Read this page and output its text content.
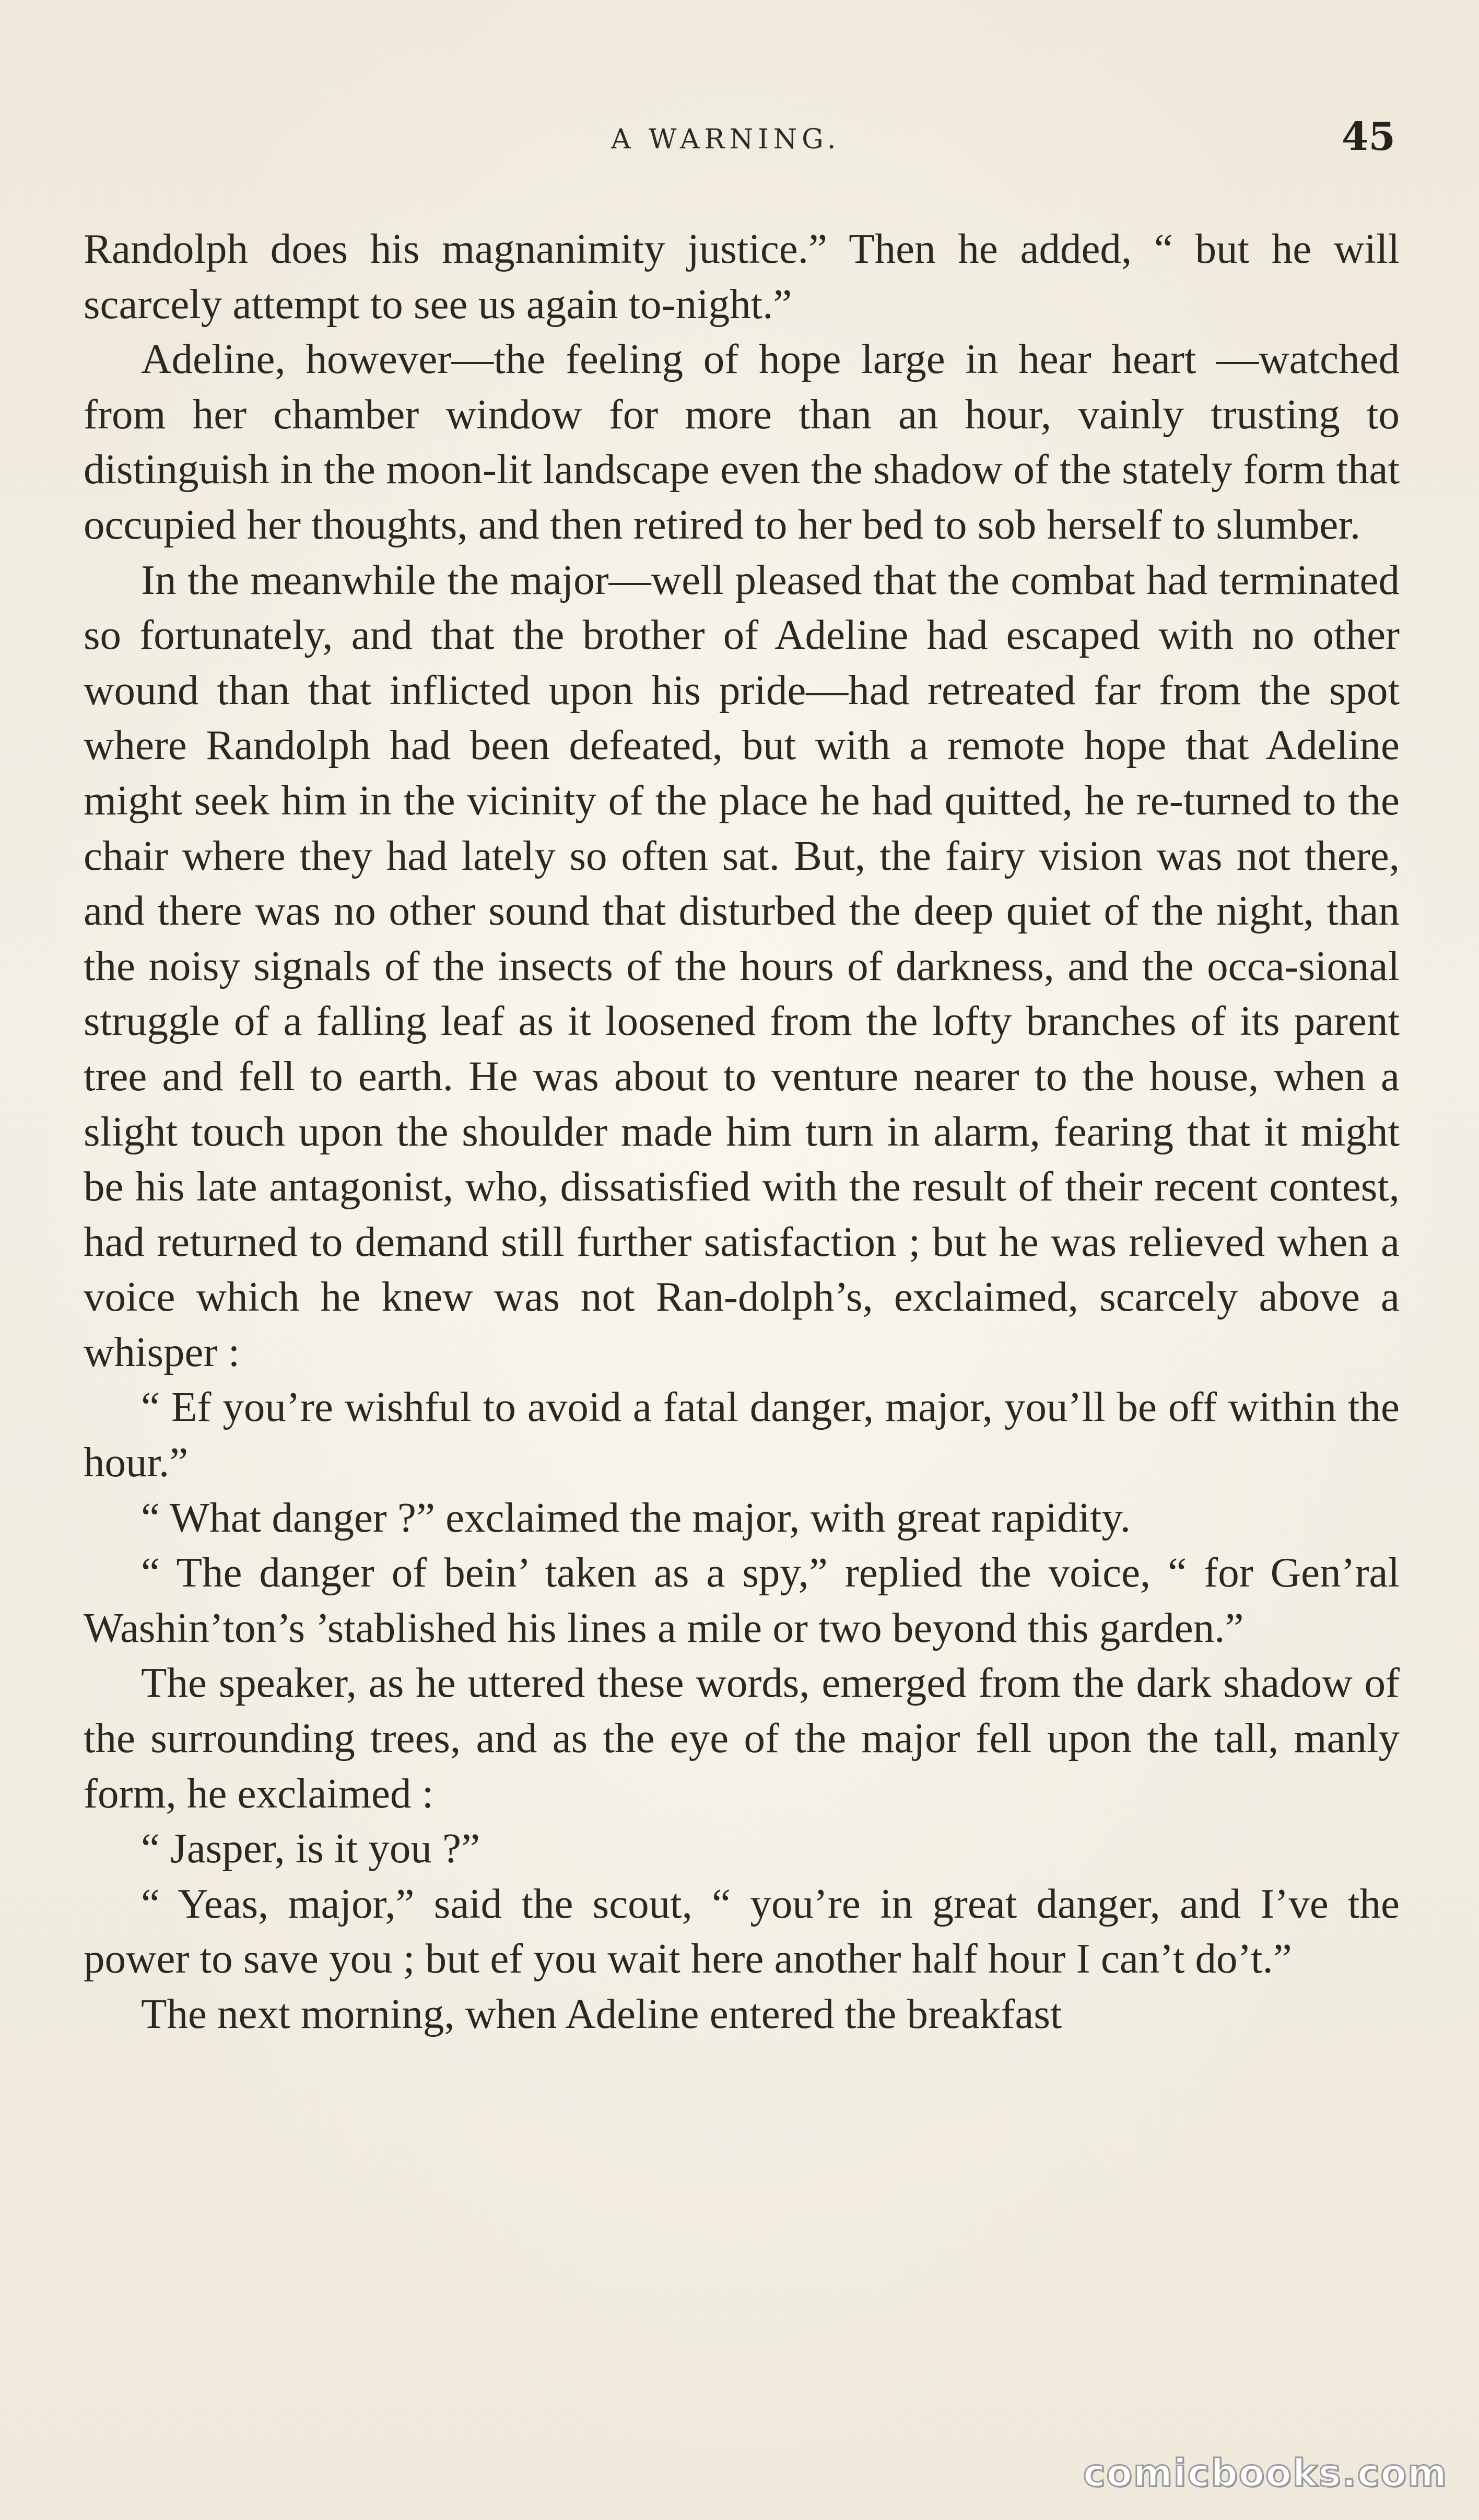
A WARNING.	45

Randolph does his magnanimity justice.” Then he added, “ but he will scarcely attempt to see us again to-night.”

Adeline, however—the feeling of hope large in hear heart —watched from her chamber window for more than an hour, vainly trusting to distinguish in the moon-lit landscape even the shadow of the stately form that occupied her thoughts, and then retired to her bed to sob herself to slumber.

In the meanwhile the major—well pleased that the combat had terminated so fortunately, and that the brother of Adeline had escaped with no other wound than that inflicted upon his pride—had retreated far from the spot where Randolph had been defeated, but with a remote hope that Adeline might seek him in the vicinity of the place he had quitted, he re-turned to the chair where they had lately so often sat. But, the fairy vision was not there, and there was no other sound that disturbed the deep quiet of the night, than the noisy signals of the insects of the hours of darkness, and the occa-sional struggle of a falling leaf as it loosened from the lofty branches of its parent tree and fell to earth. He was about to venture nearer to the house, when a slight touch upon the shoulder made him turn in alarm, fearing that it might be his late antagonist, who, dissatisfied with the result of their recent contest, had returned to demand still further satisfaction ; but he was relieved when a voice which he knew was not Ran-dolph’s, exclaimed, scarcely above a whisper :

“ Ef you’re wishful to avoid a fatal danger, major, you’ll be off within the hour.”

“ What danger ?” exclaimed the major, with great rapidity.

“ The danger of bein’ taken as a spy,” replied the voice, “ for Gen’ral Washin’ton’s ’stablished his lines a mile or two beyond this garden.”

The speaker, as he uttered these words, emerged from the dark shadow of the surrounding trees, and as the eye of the major fell upon the tall, manly form, he exclaimed :

“ Jasper, is it you ?”

“ Yeas, major,” said the scout, “ you’re in great danger, and I’ve the power to save you ; but ef you wait here another half hour I can’t do’t.”

The next morning, when Adeline entered the breakfast

comicbooks.com
